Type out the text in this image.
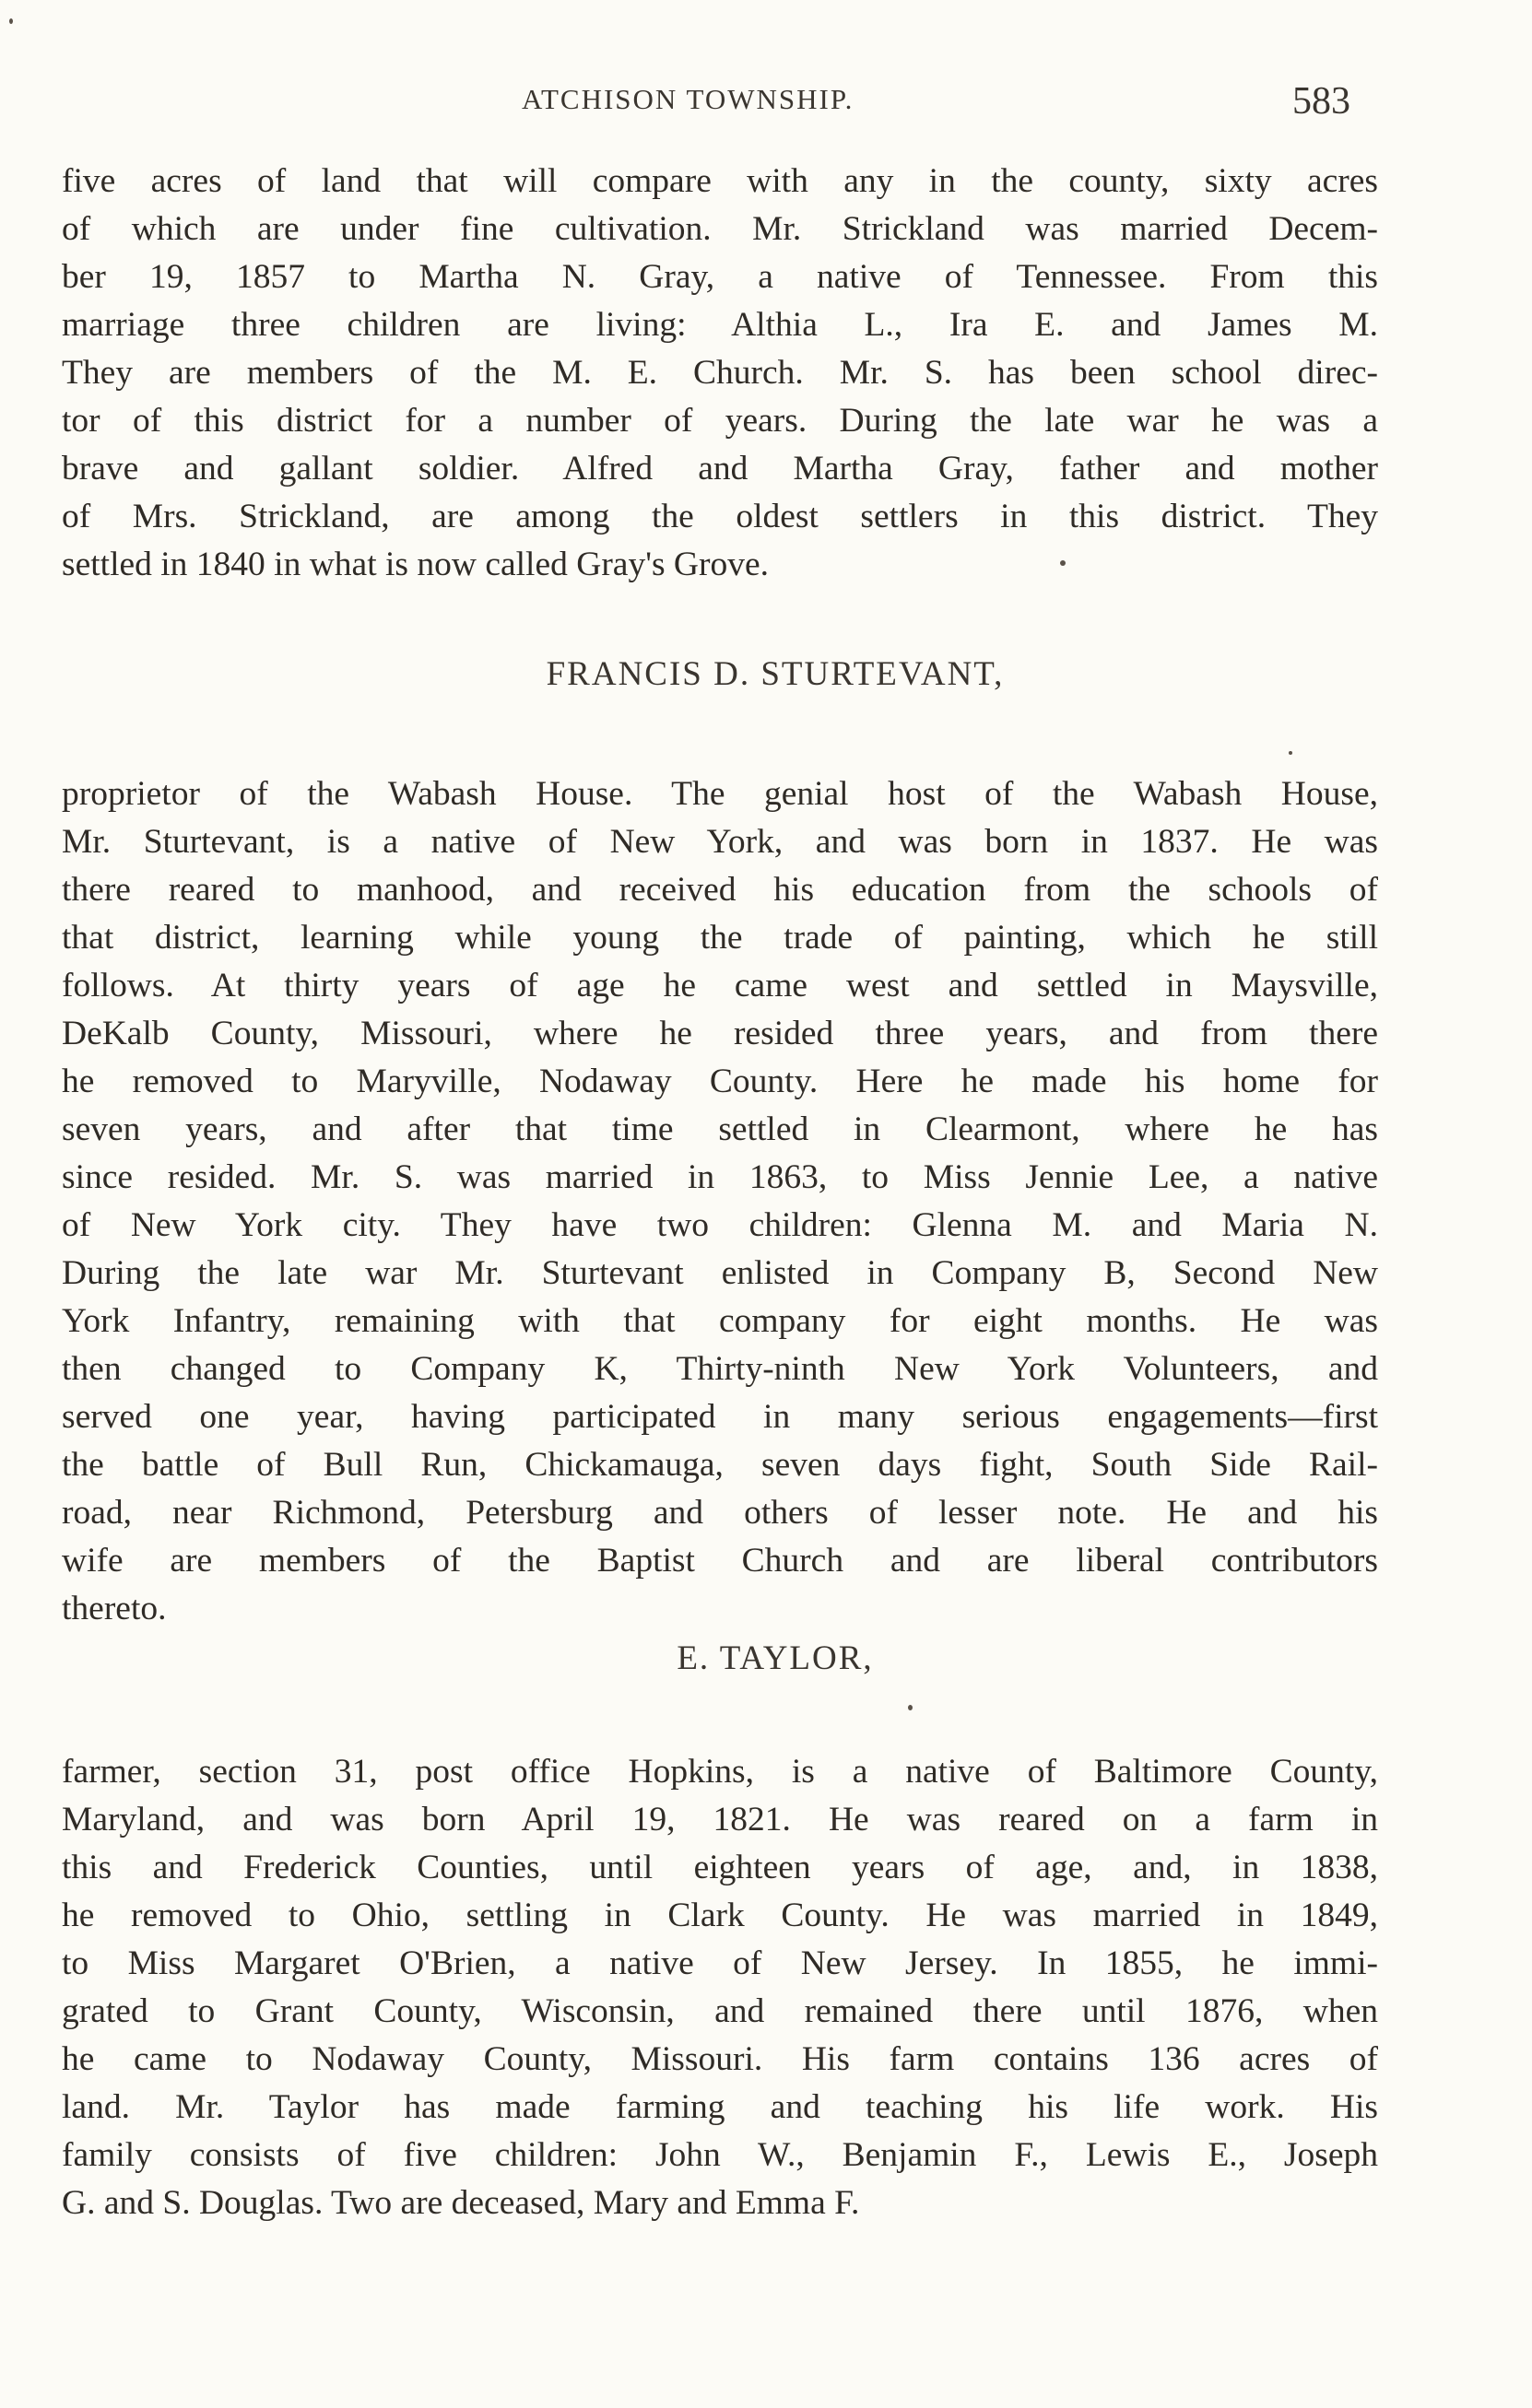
ATCHISON TOWNSHIP.	583
five acres of land that will compare with any in the county, sixty acres
of which are under fine cultivation. Mr. Strickland was married Decem-
ber 19, 1857 to Martha N. Gray, a native of Tennessee. From this
marriage three children are living: Althia L., Ira E. and James M.
They are members of the M. E. Church. Mr. S. has been school direc-
tor of this district for a number of years. During the late war he was a
brave and gallant soldier. Alfred and Martha Gray, father and mother
of Mrs. Strickland, are among the oldest settlers in this district. They
settled in 1840 in what is now called Gray's Grove.
FRANCIS D. STURTEVANT,
proprietor of the Wabash House. The genial host of the Wabash House,
Mr. Sturtevant, is a native of New York, and was born in 1837. He was
there reared to manhood, and received his education from the schools of
that district, learning while young the trade of painting, which he still
follows. At thirty years of age he came west and settled in Maysville,
DeKalb County, Missouri, where he resided three years, and from there
he removed to Maryville, Nodaway County. Here he made his home for
seven years, and after that time settled in Clearmont, where he has
since resided. Mr. S. was married in 1863, to Miss Jennie Lee, a native
of New York city. They have two children: Glenna M. and Maria N.
During the late war Mr. Sturtevant enlisted in Company B, Second New
York Infantry, remaining with that company for eight months. He was
then changed to Company K, Thirty-ninth New York Volunteers, and
served one year, having participated in many serious engagements—first
the battle of Bull Run, Chickamauga, seven days fight, South Side Rail-
road, near Richmond, Petersburg and others of lesser note. He and his
wife are members of the Baptist Church and are liberal contributors
thereto.
E. TAYLOR,
farmer, section 31, post office Hopkins, is a native of Baltimore County,
Maryland, and was born April 19, 1821. He was reared on a farm in
this and Frederick Counties, until eighteen years of age, and, in 1838,
he removed to Ohio, settling in Clark County. He was married in 1849,
to Miss Margaret O'Brien, a native of New Jersey. In 1855, he immi-
grated to Grant County, Wisconsin, and remained there until 1876, when
he came to Nodaway County, Missouri. His farm contains 136 acres of
land. Mr. Taylor has made farming and teaching his life work. His
family consists of five children: John W., Benjamin F., Lewis E., Joseph
G. and S. Douglas. Two are deceased, Mary and Emma F.
